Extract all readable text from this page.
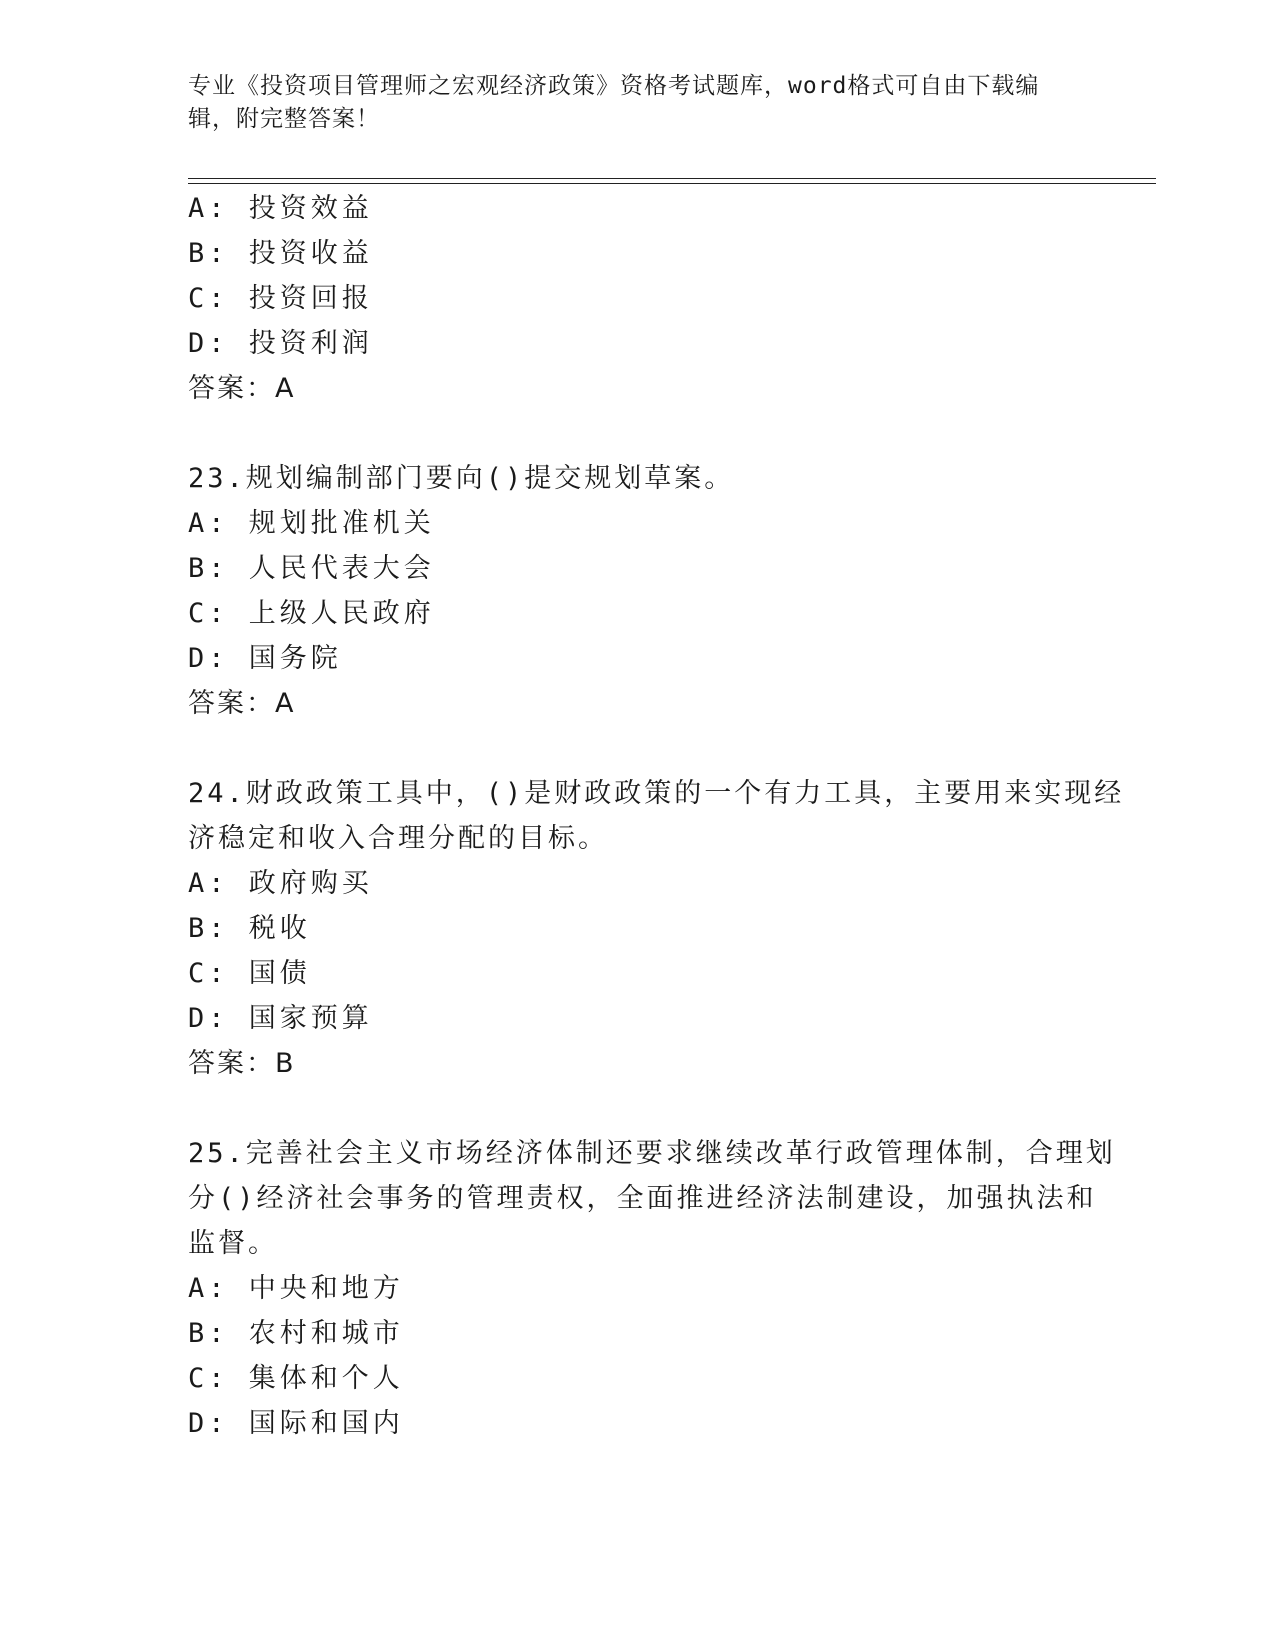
专业《投资项目管理师之宏观经济政策》资格考试题库，word格式可自由下载编
辑，附完整答案！
A: 投资效益
B: 投资收益
C: 投资回报
D: 投资利润
答案：A
23.规划编制部门要向()提交规划草案。
A: 规划批准机关
B: 人民代表大会
C: 上级人民政府
D: 国务院
答案：A
24.财政政策工具中，()是财政政策的一个有力工具，主要用来实现经
济稳定和收入合理分配的目标。
A: 政府购买
B: 税收
C: 国债
D: 国家预算
答案：B
25.完善社会主义市场经济体制还要求继续改革行政管理体制，合理划
分()经济社会事务的管理责权，全面推进经济法制建设，加强执法和
监督。
A: 中央和地方
B: 农村和城市
C: 集体和个人
D: 国际和国内
